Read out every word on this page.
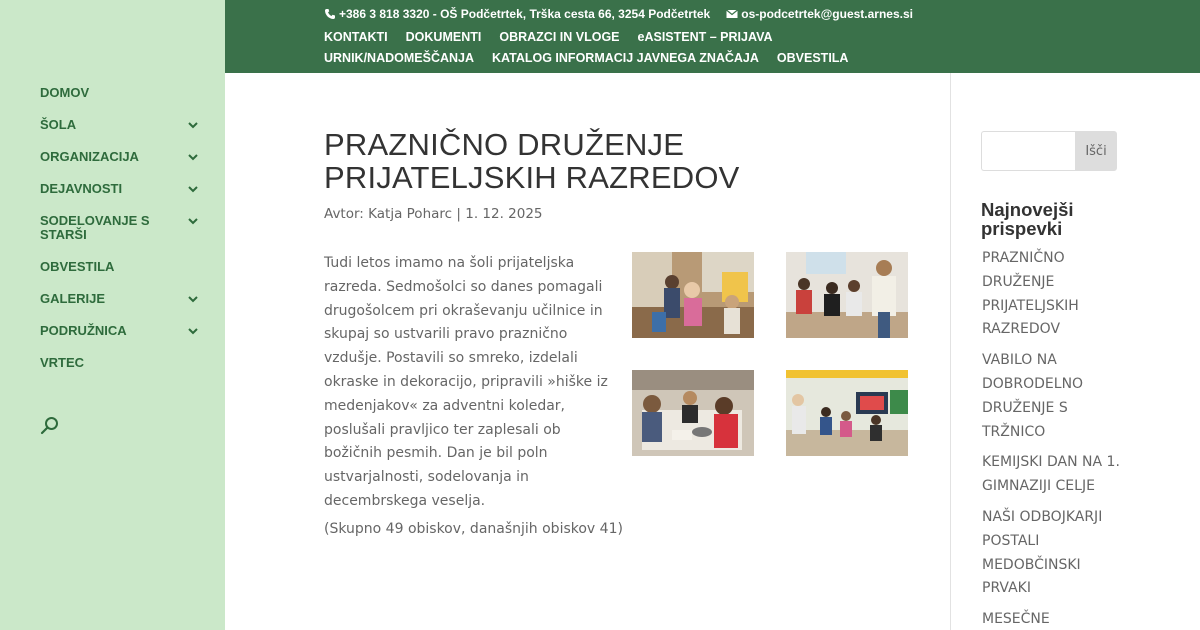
DOMOV
ŠOLA
ORGANIZACIJA
DEJAVNOSTI
SODELOVANJE S STARŠI
OBVESTILA
GALERIJE
PODRUŽNICA
VRTEC
+386 3 818 3320 - OŠ Podčetrtek, Trška cesta 66, 3254 Podčetrtek	os-podcetrtek@guest.arnes.si
KONTAKTI DOKUMENTI OBRAZCI IN VLOGE eASISTENT – PRIJAVA
URNIK/NADOMEŠČANJA KATALOG INFORMACIJ JAVNEGA ZNAČAJA OBVESTILA
PRAZNIČNO DRUŽENJE PRIJATELJSKIH RAZREDOV

Avtor: Katja Poharc | 1. 12. 2025

Tudi letos imamo na šoli prijateljska razreda. Sedmošolci so danes pomagali drugošolcem pri okraševanju učilnice in skupaj so ustvarili pravo praznično vzdušje. Postavili so smreko, izdelali okraske in dekoracijo, pripravili »hiške iz medenjakov« za adventni koledar, poslušali pravljico ter zaplesali ob božičnih pesmih. Dan je bil poln ustvarjalnosti, sodelovanja in decembrskega veselja.

(Skupno 49 obiskov, današnjih obiskov 41)

Išči
Najnovejši prispevki
PRAZNIČNO DRUŽENJE PRIJATELJSKIH RAZREDOV
VABILO NA DOBRODELNO DRUŽENJE S TRŽNICO
KEMIJSKI DAN NA 1. GIMNAZIJI CELJE
NAŠI ODBOJKARJI POSTALI MEDOBČINSKI PRVAKI
MESEČNE
